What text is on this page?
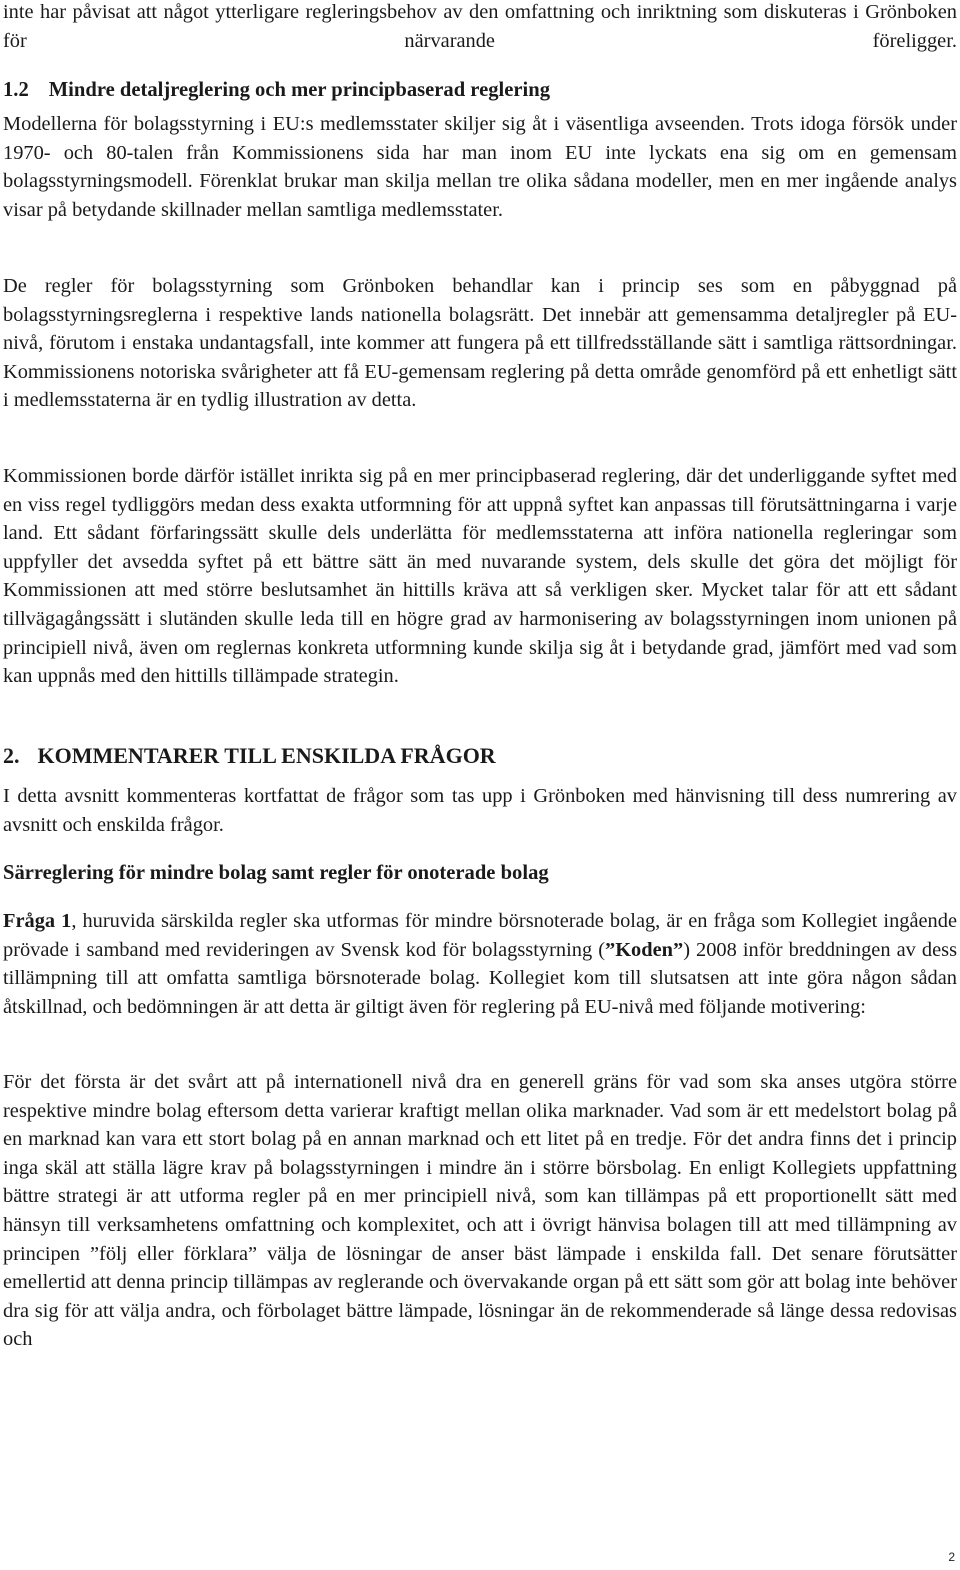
inte har påvisat att något ytterligare regleringsbehov av den omfattning och inriktning som diskuteras i Grönboken för närvarande föreligger.

1.2 Mindre detaljreglering och mer principbaserad reglering

Modellerna för bolagsstyrning i EU:s medlemsstater skiljer sig åt i väsentliga avseenden. Trots idoga försök under 1970- och 80-talen från Kommissionens sida har man inom EU inte lyckats ena sig om en gemensam bolagsstyrningsmodell. Förenklat brukar man skilja mellan tre olika sådana modeller, men en mer ingående analys visar på betydande skillnader mellan samtliga medlemsstater.

De regler för bolagsstyrning som Grönboken behandlar kan i princip ses som en påbyggnad på bolagsstyrningsreglerna i respektive lands nationella bolagsrätt. Det innebär att gemensamma detaljregler på EU-nivå, förutom i enstaka undantagsfall, inte kommer att fungera på ett tillfredsställande sätt i samtliga rättsordningar. Kommissionens notoriska svårigheter att få EU-gemensam reglering på detta område genomförd på ett enhetligt sätt i medlemsstaterna är en tydlig illustration av detta.

Kommissionen borde därför istället inrikta sig på en mer principbaserad reglering, där det underliggande syftet med en viss regel tydliggörs medan dess exakta utformning för att uppnå syftet kan anpassas till förutsättningarna i varje land. Ett sådant förfaringssätt skulle dels underlätta för medlemsstaterna att införa nationella regleringar som uppfyller det avsedda syftet på ett bättre sätt än med nuvarande system, dels skulle det göra det möjligt för Kommissionen att med större beslutsamhet än hittills kräva att så verkligen sker. Mycket talar för att ett sådant tillvägagångssätt i slutänden skulle leda till en högre grad av harmonisering av bolagsstyrningen inom unionen på principiell nivå, även om reglernas konkreta utformning kunde skilja sig åt i betydande grad, jämfört med vad som kan uppnås med den hittills tillämpade strategin.

2. KOMMENTARER TILL ENSKILDA FRÅGOR

I detta avsnitt kommenteras kortfattat de frågor som tas upp i Grönboken med hänvisning till dess numrering av avsnitt och enskilda frågor.

Särreglering för mindre bolag samt regler för onoterade bolag

Fråga 1, huruvida särskilda regler ska utformas för mindre börsnoterade bolag, är en fråga som Kollegiet ingående prövade i samband med revideringen av Svensk kod för bolagsstyrning (”Koden”) 2008 inför breddningen av dess tillämpning till att omfatta samtliga börsnoterade bolag. Kollegiet kom till slutsatsen att inte göra någon sådan åtskillnad, och bedömningen är att detta är giltigt även för reglering på EU-nivå med följande motivering:

För det första är det svårt att på internationell nivå dra en generell gräns för vad som ska anses utgöra större respektive mindre bolag eftersom detta varierar kraftigt mellan olika marknader. Vad som är ett medelstort bolag på en marknad kan vara ett stort bolag på en annan marknad och ett litet på en tredje. För det andra finns det i princip inga skäl att ställa lägre krav på bolagsstyrningen i mindre än i större börsbolag. En enligt Kollegiets uppfattning bättre strategi är att utforma regler på en mer principiell nivå, som kan tillämpas på ett proportionellt sätt med hänsyn till verksamhetens omfattning och komplexitet, och att i övrigt hänvisa bolagen till att med tillämpning av principen ”följ eller förklara” välja de lösningar de anser bäst lämpade i enskilda fall. Det senare förutsätter emellertid att denna princip tillämpas av reglerande och övervakande organ på ett sätt som gör att bolag inte behöver dra sig för att välja andra, och förbolaget bättre lämpade, lösningar än de rekommenderade så länge dessa redovisas och

2
